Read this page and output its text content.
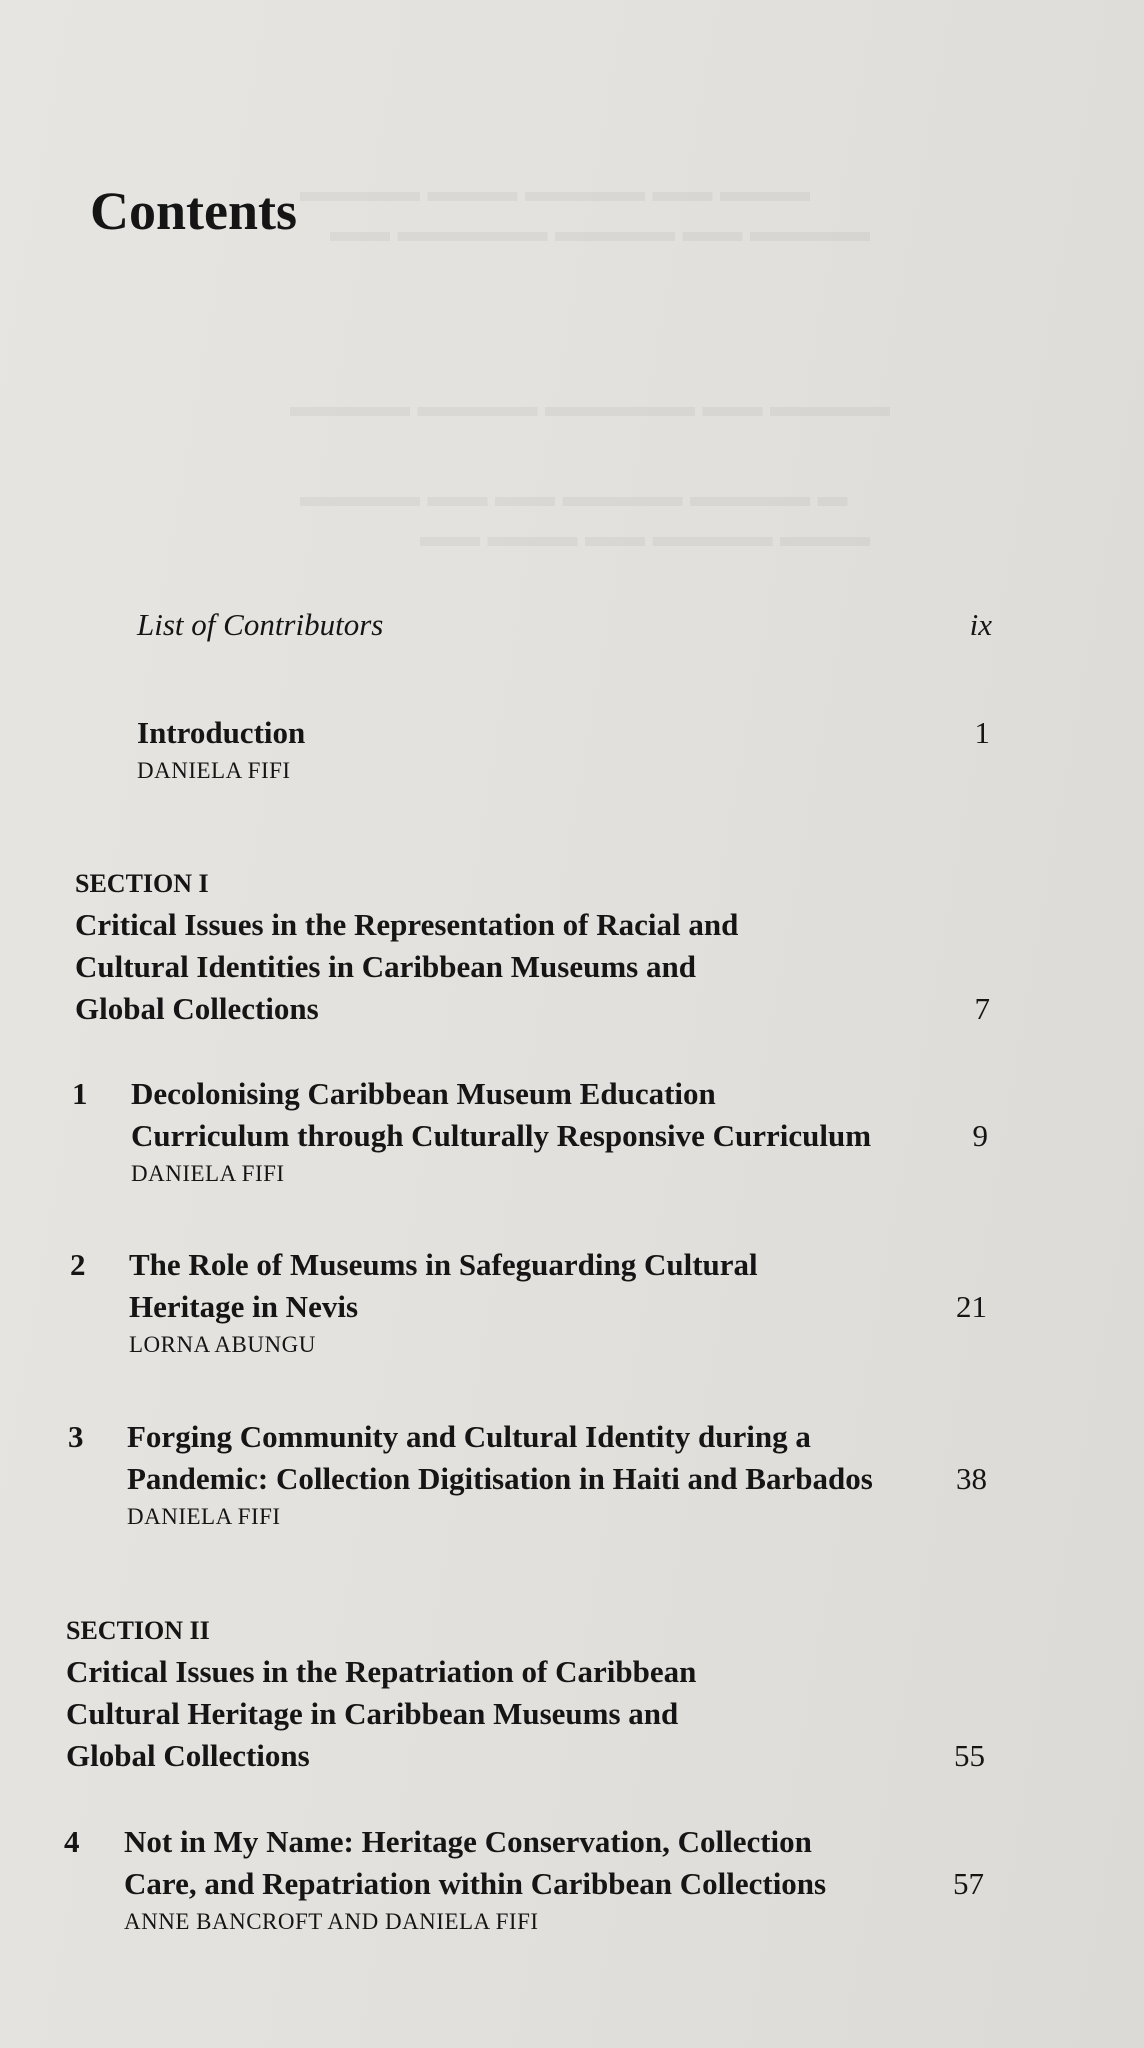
Contents
List of Contributors	ix
Introduction	1
DANIELA FIFI
SECTION I
Critical Issues in the Representation of Racial and
Cultural Identities in Caribbean Museums and
Global Collections	7
1 Decolonising Caribbean Museum Education
Curriculum through Culturally Responsive Curriculum	9
DANIELA FIFI
2 The Role of Museums in Safeguarding Cultural
Heritage in Nevis	21
LORNA ABUNGU
3 Forging Community and Cultural Identity during a
Pandemic: Collection Digitisation in Haiti and Barbados	38
DANIELA FIFI
SECTION II
Critical Issues in the Repatriation of Caribbean
Cultural Heritage in Caribbean Museums and
Global Collections	55
4 Not in My Name: Heritage Conservation, Collection
Care, and Repatriation within Caribbean Collections	57
ANNE BANCROFT AND DANIELA FIFI
